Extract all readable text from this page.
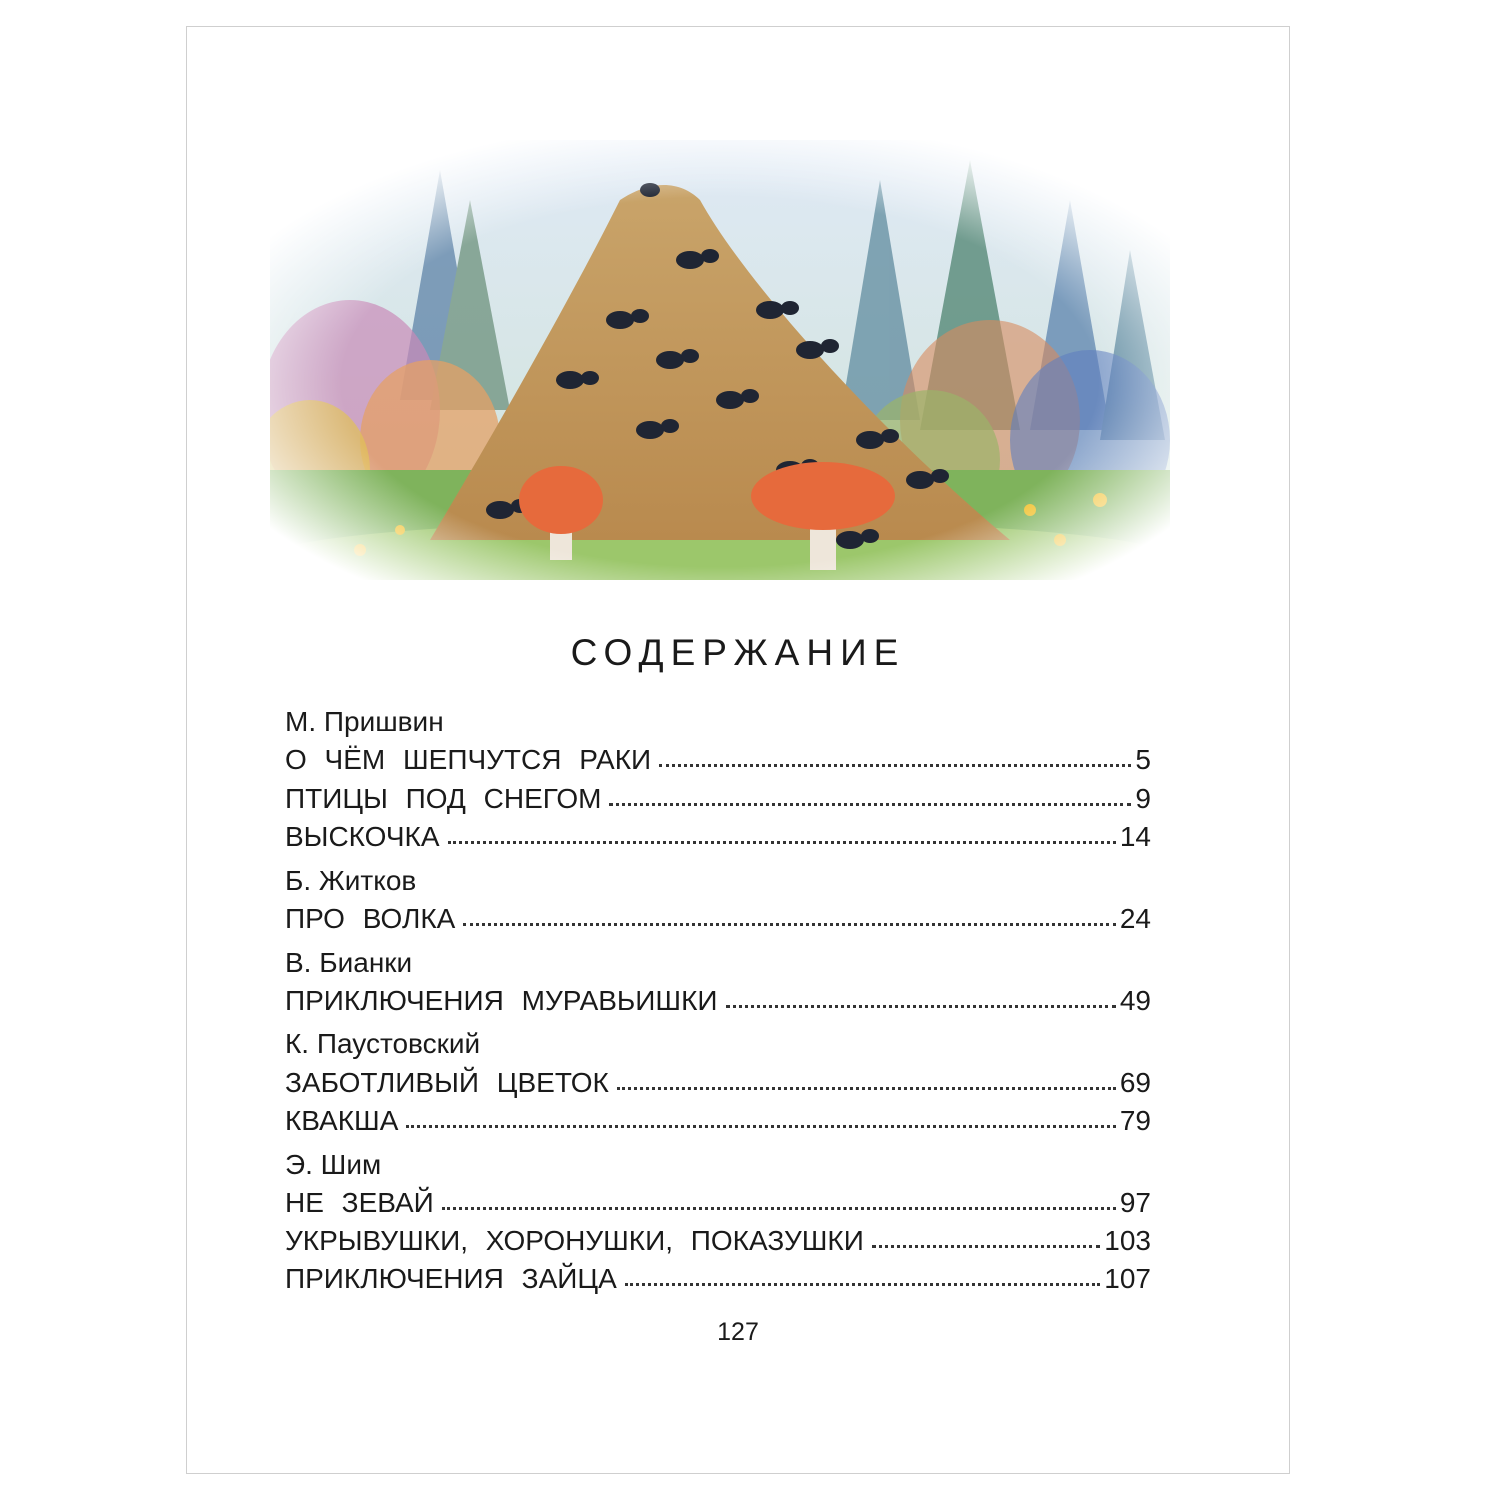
СОДЕРЖАНИЕ
М. Пришвин
О ЧЁМ ШЕПЧУТСЯ РАКИ	5
ПТИЦЫ ПОД СНЕГОМ	9
ВЫСКОЧКА	14
Б. Житков
ПРО ВОЛКА	24
В. Бианки
ПРИКЛЮЧЕНИЯ МУРАВЬИШКИ	49
К. Паустовский
ЗАБОТЛИВЫЙ ЦВЕТОК	69
КВАКША	79
Э. Шим
НЕ ЗЕВАЙ	97
УКРЫВУШКИ, ХОРОНУШКИ, ПОКАЗУШКИ	103
ПРИКЛЮЧЕНИЯ ЗАЙЦА	107
127
